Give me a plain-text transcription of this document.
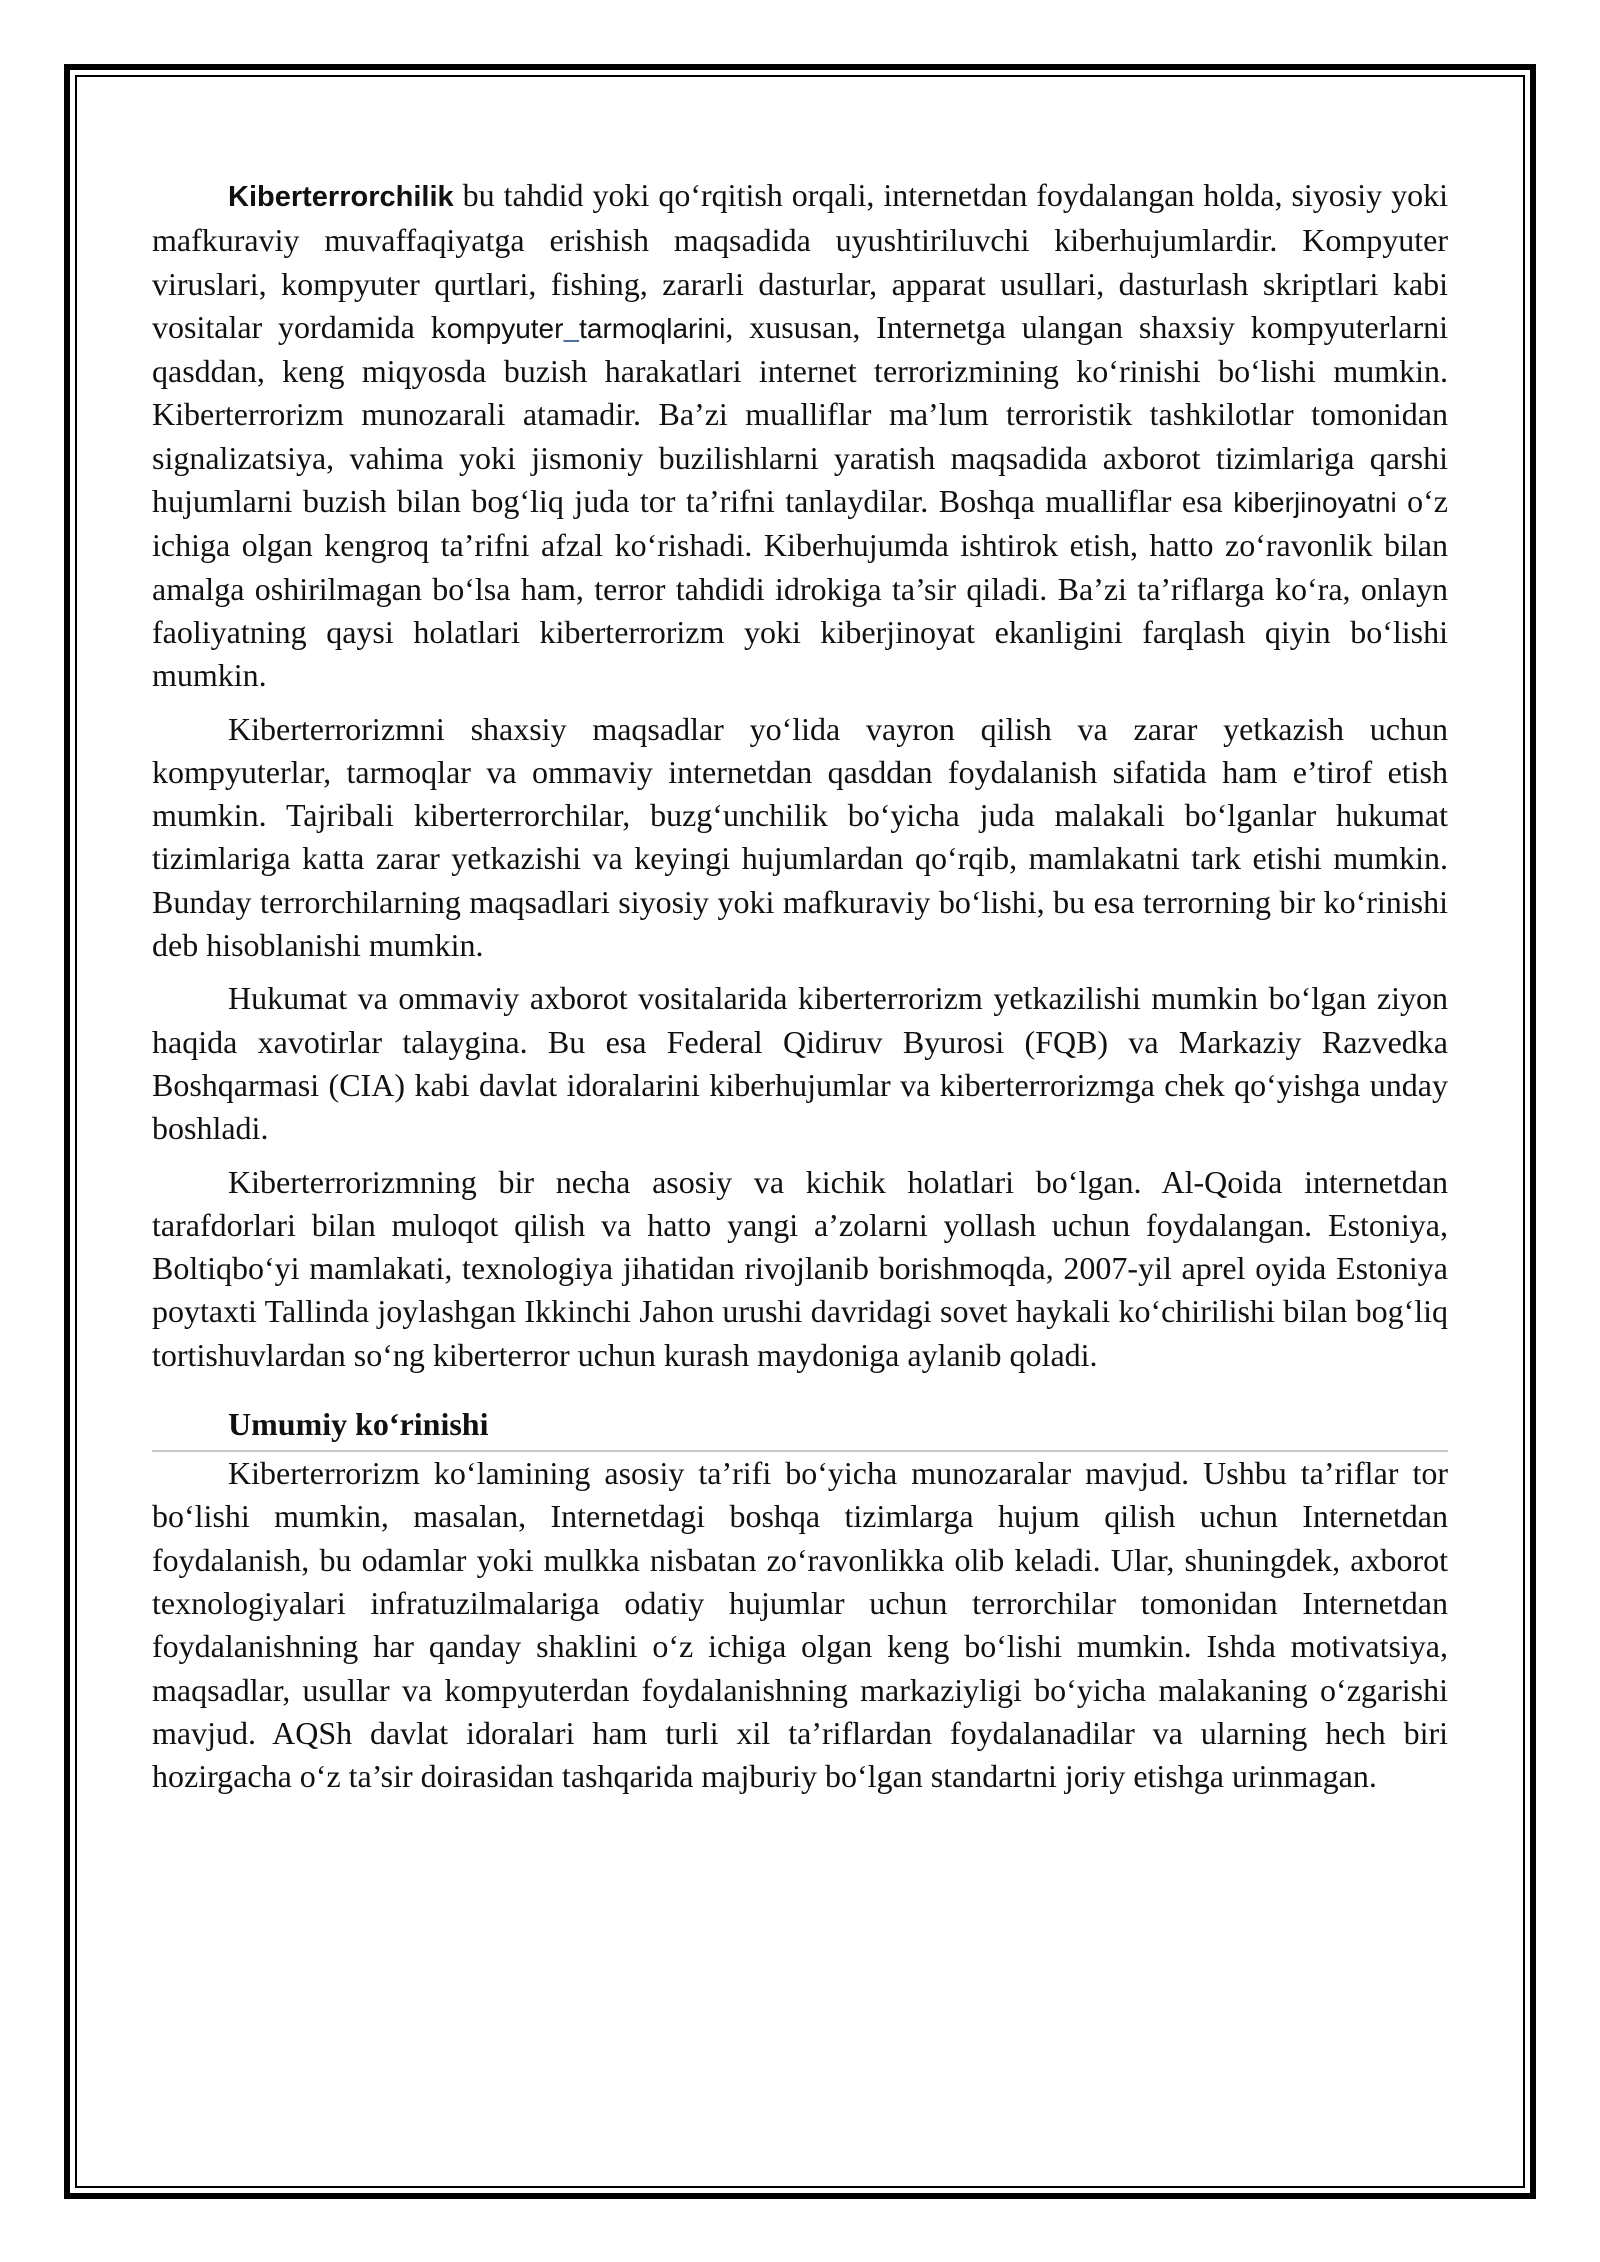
Kiberterrorchilik bu tahdid yoki qo‘rqitish orqali, internetdan foydalangan holda, siyosiy yoki mafkuraviy muvaffaqiyatga erishish maqsadida uyushtiriluvchi kiberhujumlardir. Kompyuter viruslari, kompyuter qurtlari, fishing, zararli dasturlar, apparat usullari, dasturlash skriptlari kabi vositalar yordamida kompyuter tarmoqlarini, xususan, Internetga ulangan shaxsiy kompyuterlarni qasddan, keng miqyosda buzish harakatlari internet terrorizmining ko‘rinishi bo‘lishi mumkin. Kiberterrorizm munozarali atamadir. Ba’zi mualliflar ma’lum terroristik tashkilotlar tomonidan signalizatsiya, vahima yoki jismoniy buzilishlarni yaratish maqsadida axborot tizimlariga qarshi hujumlarni buzish bilan bog‘liq juda tor ta’rifni tanlaydilar. Boshqa mualliflar esa kiberjinoyatni o‘z ichiga olgan kengroq ta’rifni afzal ko‘rishadi. Kiberhujumda ishtirok etish, hatto zo‘ravonlik bilan amalga oshirilmagan bo‘lsa ham, terror tahdidi idrokiga ta’sir qiladi. Ba’zi ta’riflarga ko‘ra, onlayn faoliyatning qaysi holatlari kiberterrorizm yoki kiberjinoyat ekanligini farqlash qiyin bo‘lishi mumkin.

Kiberterrorizmni shaxsiy maqsadlar yo‘lida vayron qilish va zarar yetkazish uchun kompyuterlar, tarmoqlar va ommaviy internetdan qasddan foydalanish sifatida ham e’tirof etish mumkin. Tajribali kiberterrorchilar, buzg‘unchilik bo‘yicha juda malakali bo‘lganlar hukumat tizimlariga katta zarar yetkazishi va keyingi hujumlardan qo‘rqib, mamlakatni tark etishi mumkin. Bunday terrorchilarning maqsadlari siyosiy yoki mafkuraviy bo‘lishi, bu esa terrorning bir ko‘rinishi deb hisoblanishi mumkin.

Hukumat va ommaviy axborot vositalarida kiberterrorizm yetkazilishi mumkin bo‘lgan ziyon haqida xavotirlar talaygina. Bu esa Federal Qidiruv Byurosi (FQB) va Markaziy Razvedka Boshqarmasi (CIA) kabi davlat idoralarini kiberhujumlar va kiberterrorizmga chek qo‘yishga unday boshladi.

Kiberterrorizmning bir necha asosiy va kichik holatlari bo‘lgan. Al-Qoida internetdan tarafdorlari bilan muloqot qilish va hatto yangi a’zolarni yollash uchun foydalangan. Estoniya, Boltiqbo‘yi mamlakati, texnologiya jihatidan rivojlanib borishmoqda, 2007-yil aprel oyida Estoniya poytaxti Tallinda joylashgan Ikkinchi Jahon urushi davridagi sovet haykali ko‘chirilishi bilan bog‘liq tortishuvlardan so‘ng kiberterror uchun kurash maydoniga aylanib qoladi.

Umumiy ko‘rinishi

Kiberterrorizm ko‘lamining asosiy ta’rifi bo‘yicha munozaralar mavjud. Ushbu ta’riflar tor bo‘lishi mumkin, masalan, Internetdagi boshqa tizimlarga hujum qilish uchun Internetdan foydalanish, bu odamlar yoki mulkka nisbatan zo‘ravonlikka olib keladi. Ular, shuningdek, axborot texnologiyalari infratuzilmalariga odatiy hujumlar uchun terrorchilar tomonidan Internetdan foydalanishning har qanday shaklini o‘z ichiga olgan keng bo‘lishi mumkin. Ishda motivatsiya, maqsadlar, usullar va kompyuterdan foydalanishning markaziyligi bo‘yicha malakaning o‘zgarishi mavjud. AQSh davlat idoralari ham turli xil ta’riflardan foydalanadilar va ularning hech biri hozirgacha o‘z ta’sir doirasidan tashqarida majburiy bo‘lgan standartni joriy etishga urinmagan.
